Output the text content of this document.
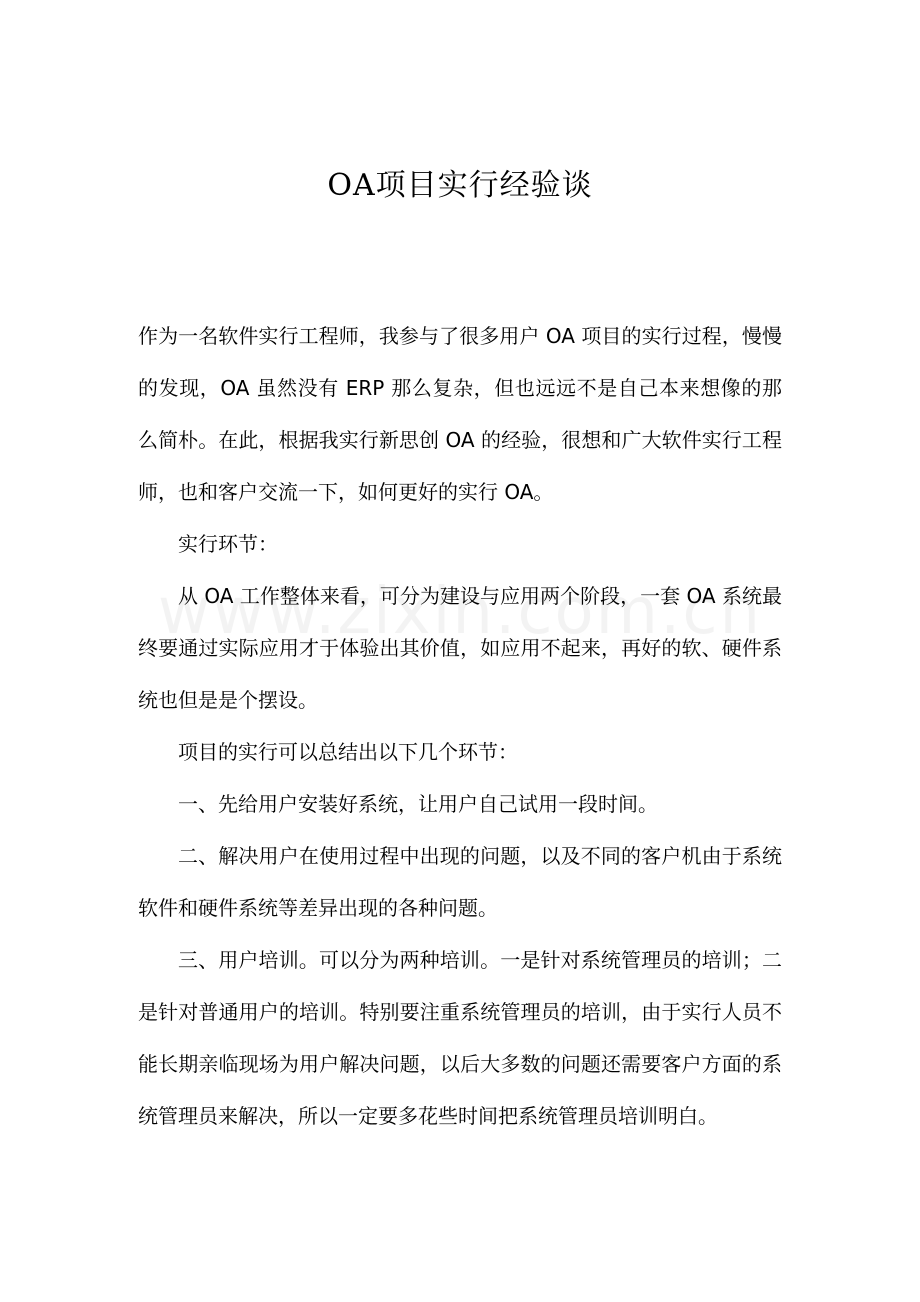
OA项目实行经验谈

作为一名软件实行工程师，我参与了很多用户 OA 项目的实行过程，慢慢的发现，OA 虽然没有 ERP 那么复杂，但也远远不是自己本来想像的那么简朴。在此，根据我实行新思创 OA 的经验，很想和广大软件实行工程师，也和客户交流一下，如何更好的实行 OA。

实行环节：

从 OA 工作整体来看，可分为建设与应用两个阶段，一套 OA 系统最终要通过实际应用才于体验出其价值，如应用不起来，再好的软、硬件系统也但是是个摆设。

项目的实行可以总结出以下几个环节：

一、先给用户安装好系统，让用户自己试用一段时间。

二、解决用户在使用过程中出现的问题，以及不同的客户机由于系统软件和硬件系统等差异出现的各种问题。

三、用户培训。可以分为两种培训。一是针对系统管理员的培训；二是针对普通用户的培训。特别要注重系统管理员的培训，由于实行人员不能长期亲临现场为用户解决问题，以后大多数的问题还需要客户方面的系统管理员来解决，所以一定要多花些时间把系统管理员培训明白。
